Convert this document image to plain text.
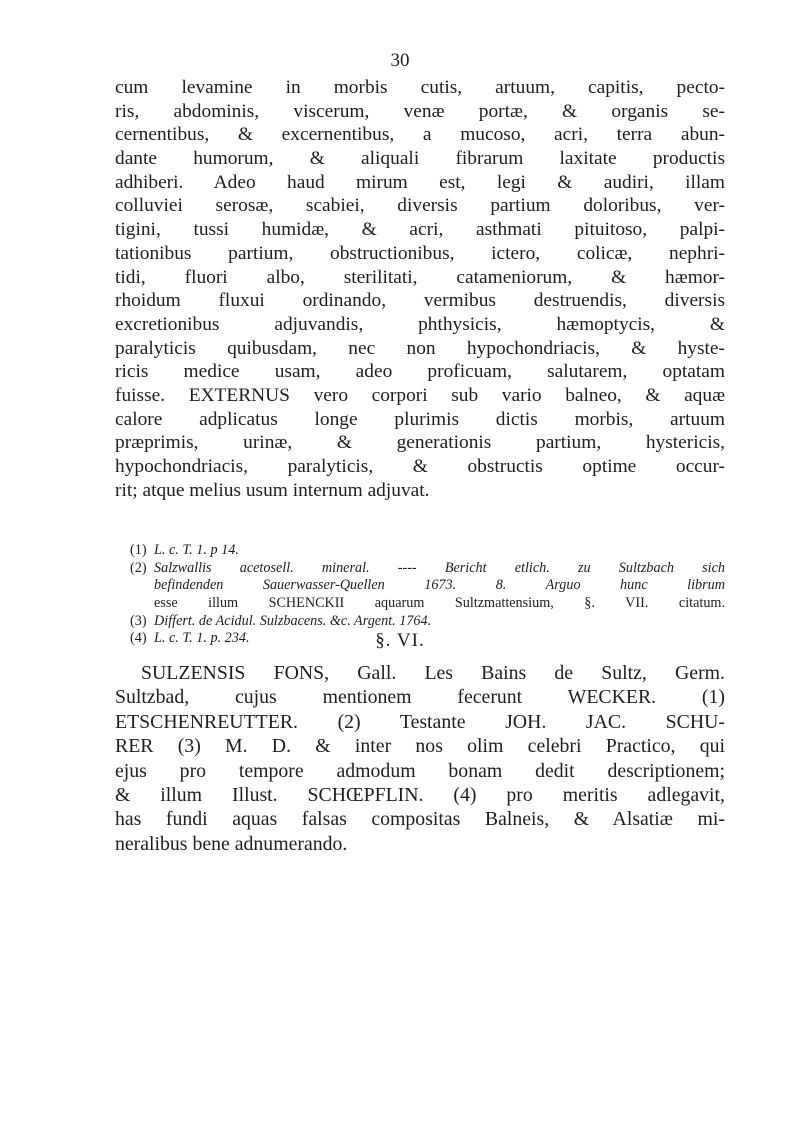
30
cum levamine in morbis cutis, artuum, capitis, pecto-
ris, abdominis, viscerum, venæ portæ, & organis se-
cernentibus, & excernentibus, a mucoso, acri, terra abun-
dante humorum, & aliquali fibrarum laxitate productis
adhiberi. Adeo haud mirum est, legi & audiri, illam
colluviei serosæ, scabiei, diversis partium doloribus, ver-
tigini, tussi humidæ, & acri, asthmati pituitoso, palpi-
tationibus partium, obstructionibus, ictero, colicæ, nephri-
tidi, fluori albo, sterilitati, catameniorum, & hæmor-
rhoidum fluxui ordinando, vermibus destruendis, diversis
excretionibus adjuvandis, phthysicis, hæmoptycis, &
paralyticis quibusdam, nec non hypochondriacis, & hyste-
ricis medice usam, adeo proficuam, salutarem, optatam
fuisse. EXTERNUS vero corpori sub vario balneo, & aquæ
calore adplicatus longe plurimis dictis morbis, artuum
præprimis, urinæ, & generationis partium, hystericis,
hypochondriacis, paralyticis, & obstructis optime occur-
rit; atque melius usum internum adjuvat.
(1) L. c. T. 1. p 14.
(2) Salzwallis acetosell. mineral. ---- Bericht etlich. zu Sultzbach sich
befindenden Sauerwasser-Quellen 1673. 8. Arguo hunc librum
esse illum SCHENCKII aquarum Sultzmattensium, §. VII. citatum.
(3) Differt. de Acidul. Sulzbacens. &c. Argent. 1764.
(4) L. c. T. 1. p. 234.	§. VI.
SULZENSIS FONS, Gall. Les Bains de Sultz, Germ.
Sultzbad, cujus mentionem fecerunt WECKER. (1)
ETSCHENREUTTER. (2) Testante JOH. JAC. SCHU-
RER (3) M. D. & inter nos olim celebri Practico, qui
ejus pro tempore admodum bonam dedit descriptionem;
& illum Illust. SCHŒPFLIN. (4) pro meritis adlegavit,
has fundi aquas falsas compositas Balneis, & Alsatiæ mi-
neralibus bene adnumerando.
